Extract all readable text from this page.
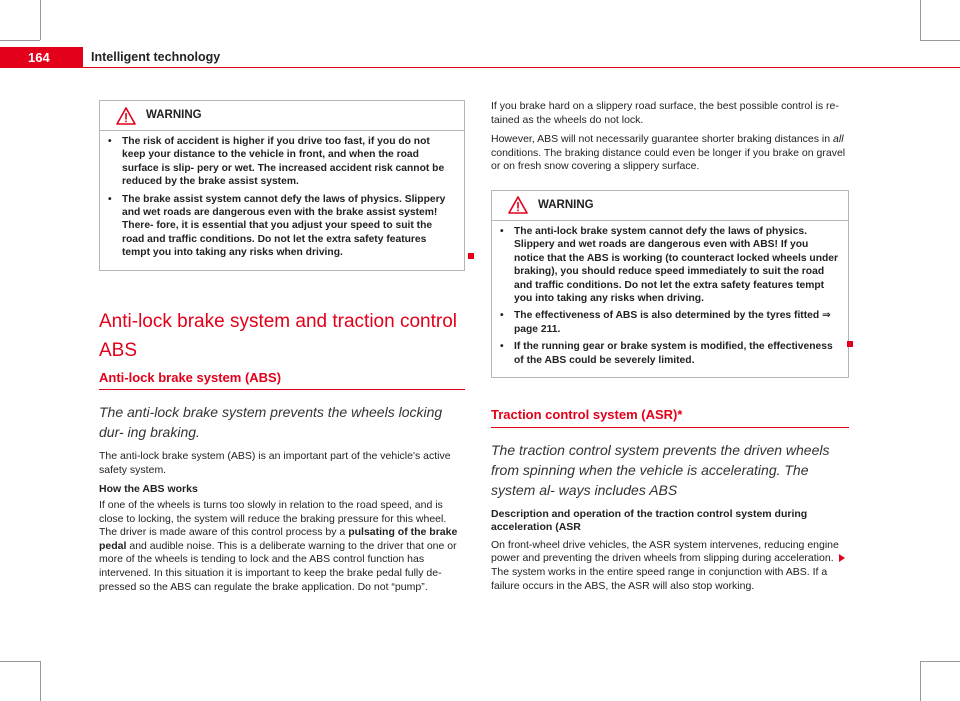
164	Intelligent technology
WARNING
•	The risk of accident is higher if you drive too fast, if you do not keep your distance to the vehicle in front, and when the road surface is slip- pery or wet. The increased accident risk cannot be reduced by the brake assist system.
•	The brake assist system cannot defy the laws of physics. Slippery and wet roads are dangerous even with the brake assist system! There- fore, it is essential that you adjust your speed to suit the road and traffic conditions. Do not let the extra safety features tempt you into taking any risks when driving.
Anti-lock brake system and traction control ABS
Anti-lock brake system (ABS)
The anti-lock brake system prevents the wheels locking dur- ing braking.

The anti-lock brake system (ABS) is an important part of the vehicle's active safety system.

How the ABS works

If one of the wheels is turns too slowly in relation to the road speed, and is close to locking, the system will reduce the braking pressure for this wheel. The driver is made aware of this control process by a pulsating of the brake pedal and audible noise. This is a deliberate warning to the driver that one or more of the wheels is tending to lock and the ABS control function has intervened. In this situation it is important to keep the brake pedal fully de- pressed so the ABS can regulate the brake application. Do not “pump”.

If you brake hard on a slippery road surface, the best possible control is re- tained as the wheels do not lock.

However, ABS will not necessarily guarantee shorter braking distances in all conditions. The braking distance could even be longer if you brake on gravel or on fresh snow covering a slippery surface.

WARNING
•	The anti-lock brake system cannot defy the laws of physics. Slippery and wet roads are dangerous even with ABS! If you notice that the ABS is working (to counteract locked wheels under braking), you should reduce speed immediately to suit the road and traffic conditions. Do not let the extra safety features tempt you into taking any risks when driving.
•	The effectiveness of ABS is also determined by the tyres fitted ⇒ page 211.
•	If the running gear or brake system is modified, the effectiveness of the ABS could be severely limited.
Traction control system (ASR)*
The traction control system prevents the driven wheels from spinning when the vehicle is accelerating. The system al- ways includes ABS

Description and operation of the traction control system during acceleration (ASR

On front-wheel drive vehicles, the ASR system intervenes, reducing engine power and preventing the driven wheels from slipping during acceleration. The system works in the entire speed range in conjunction with ABS. If a failure occurs in the ABS, the ASR will also stop working.
